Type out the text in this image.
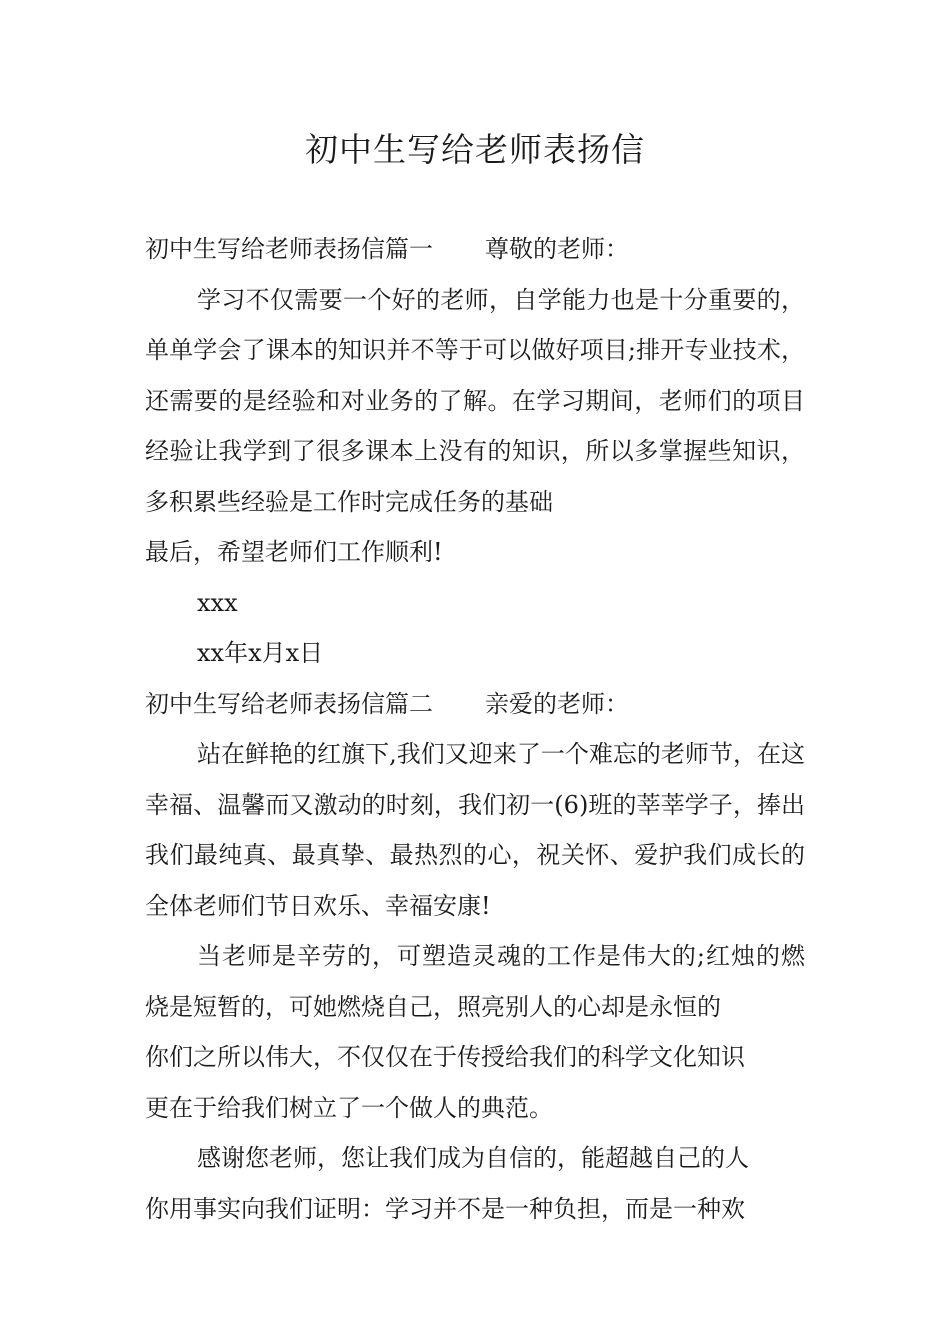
初中生写给老师表扬信

初中生写给老师表扬信篇一 尊敬的老师：

学习不仅需要一个好的老师，自学能力也是十分重要的，单单学会了课本的知识并不等于可以做好项目;排开专业技术，还需要的是经验和对业务的了解。在学习期间，老师们的项目经验让我学到了很多课本上没有的知识，所以多掌握些知识，多积累些经验是工作时完成任务的基础

最后，希望老师们工作顺利!

xxx

xx年x月x日

初中生写给老师表扬信篇二 亲爱的老师：

站在鲜艳的红旗下,我们又迎来了一个难忘的老师节，在这幸福、温馨而又激动的时刻，我们初一(6)班的莘莘学子，捧出我们最纯真、最真挚、最热烈的心，祝关怀、爱护我们成长的全体老师们节日欢乐、幸福安康!

当老师是辛劳的，可塑造灵魂的工作是伟大的;红烛的燃烧是短暂的，可她燃烧自己，照亮别人的心却是永恒的

你们之所以伟大，不仅仅在于传授给我们的科学文化知识

更在于给我们树立了一个做人的典范。

感谢您老师，您让我们成为自信的，能超越自己的人

你用事实向我们证明：学习并不是一种负担，而是一种欢
